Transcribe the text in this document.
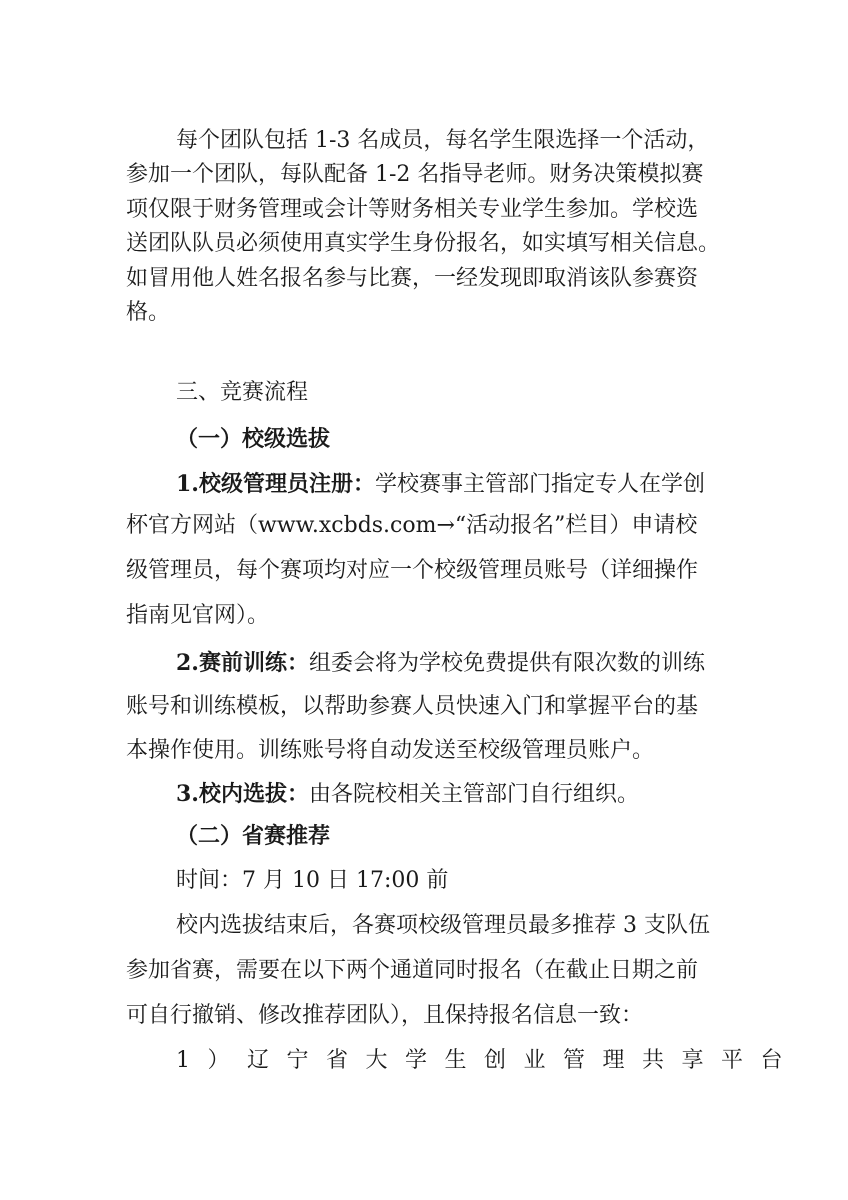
每个团队包括 1-3 名成员，每名学生限选择一个活动，
参加一个团队，每队配备 1-2 名指导老师。财务决策模拟赛
项仅限于财务管理或会计等财务相关专业学生参加。学校选
送团队队员必须使用真实学生身份报名，如实填写相关信息。
如冒用他人姓名报名参与比赛，一经发现即取消该队参赛资
格。
三、竞赛流程
（一）校级选拔
1.校级管理员注册：学校赛事主管部门指定专人在学创
杯官方网站（www.xcbds.com→“活动报名”栏目）申请校
级管理员，每个赛项均对应一个校级管理员账号（详细操作
指南见官网）。
2.赛前训练：组委会将为学校免费提供有限次数的训练
账号和训练模板，以帮助参赛人员快速入门和掌握平台的基
本操作使用。训练账号将自动发送至校级管理员账户。
3.校内选拔：由各院校相关主管部门自行组织。
（二）省赛推荐
时间：7 月 10 日 17:00 前
校内选拔结束后，各赛项校级管理员最多推荐 3 支队伍
参加省赛，需要在以下两个通道同时报名（在截止日期之前
可自行撤销、修改推荐团队），且保持报名信息一致：
1）辽宁省大学生创业管理共享平台
